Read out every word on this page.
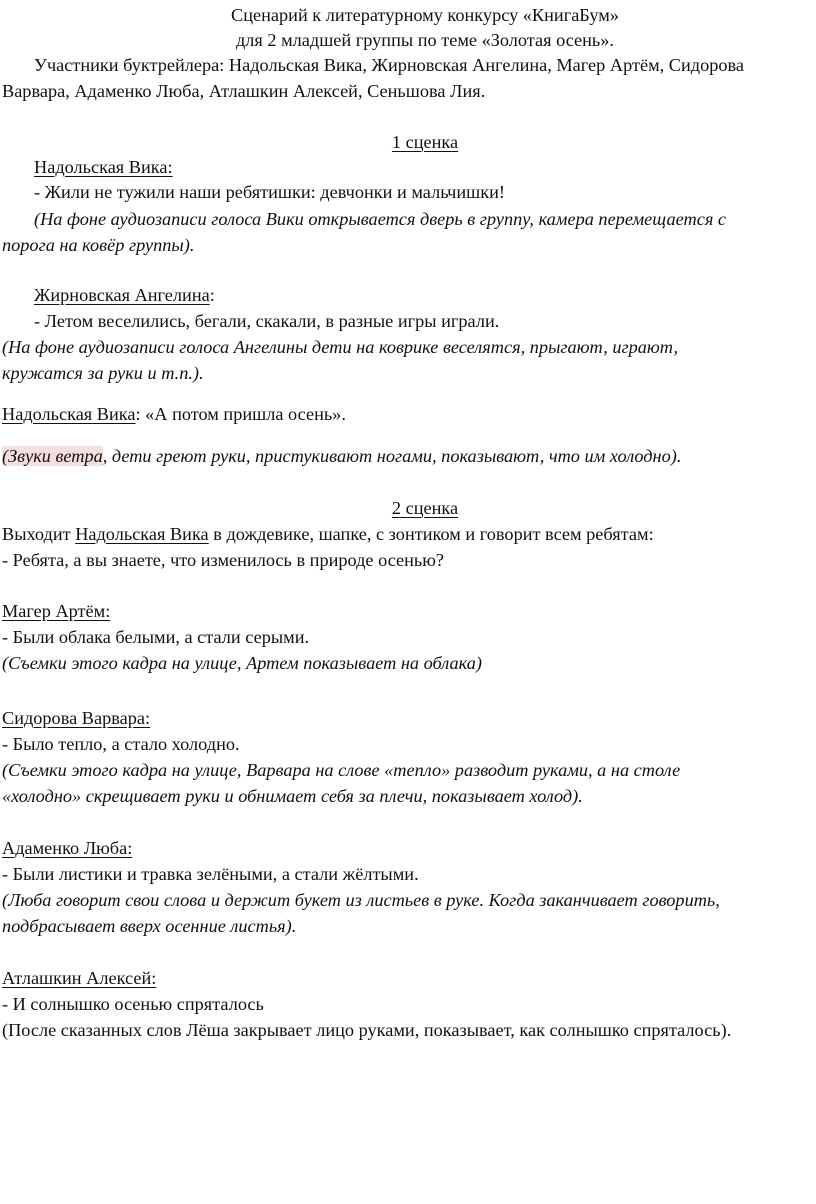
Сценарий к литературному конкурсу «КнигаБум»
для 2 младшей группы по теме «Золотая осень».
Участники буктрейлера: Надольская Вика, Жирновская Ангелина, Магер Артём, Сидорова
Варвара, Адаменко Люба, Атлашкин Алексей, Сеньшова Лия.
1 сценка
Надольская Вика:
- Жили не тужили наши ребятишки: девчонки и мальчишки!
(На фоне аудиозаписи голоса Вики открывается дверь в группу, камера перемещается с
порога на ковёр группы).
Жирновская Ангелина:
- Летом веселились, бегали, скакали, в разные игры играли.
(На фоне аудиозаписи голоса Ангелины дети на коврике веселятся, прыгают, играют,
кружатся за руки и т.п.).
Надольская Вика: «А потом пришла осень».
(Звуки ветра, дети греют руки, пристукивают ногами, показывают, что им холодно).
2 сценка
Выходит Надольская Вика в дождевике, шапке, с зонтиком и говорит всем ребятам:
- Ребята, а вы знаете, что изменилось в природе осенью?
Магер Артём:
- Были облака белыми, а стали серыми.
(Съемки этого кадра на улице, Артем показывает на облака)
Сидорова Варвара:
- Было тепло, а стало холодно.
(Съемки этого кадра на улице, Варвара на слове «тепло» разводит руками, а на столе
«холодно» скрещивает руки и обнимает себя за плечи, показывает холод).
Адаменко Люба:
- Были листики и травка зелёными, а стали жёлтыми.
(Люба говорит свои слова и держит букет из листьев в руке. Когда заканчивает говорить,
подбрасывает вверх осенние листья).
Атлашкин Алексей:
- И солнышко осенью спряталось
(После сказанных слов Лёша закрывает лицо руками, показывает, как солнышко спряталось).
